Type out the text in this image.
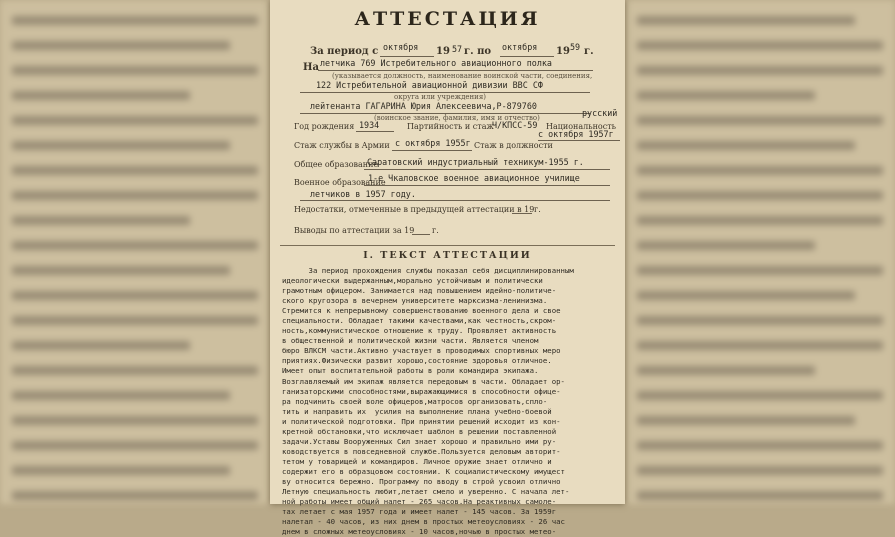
АТТЕСТАЦИЯ
За период с октября 19 57 г. по октября 19 59 г.
На летчика 769 Истребительного авиационного полка
(указывается должность, наименование воинской части, соединения,
122 Истребительной авиационной дивизии ВВС СФ
округа или учреждения)
лейтенанта ГАГАРИНА Юрия Алексеевича,Р-879760
(воинское звание, фамилия, имя и отчество)
Год рождения 1934	Партийность и стаж
Ч/КПСС-59 Национальность
русский
Стаж службы в Армии с октября 1955г Стаж в должности
с октября 1957г
Общее образование
Саратовский индустриальный техникум-1955 г.
Военное образование
1-е Чкаловское военное авиационное училище
летчиков в 1957 году.
Недостатки, отмеченные в предыдущей аттестации в 19 г.
Выводы по аттестации за 19 г.
I. ТЕКСТ АТТЕСТАЦИИ
За период прохождения службы показал себя дисциплинированным
идеологически выдержанным,морально устойчивым и политически
грамотным офицером. Занимается над повышением идейно-политиче-
ского кругозора в вечернем университете марксизма-ленинизма.
Стремится к непрерывному совершенствованию военного дела и свое
специальности. Обладает такими качествами,как честность,скром-
ность,коммунистическое отношение к труду. Проявляет активность
в общественной и политической жизни части. Является членом
бюро ВЛКСМ части.Активно участвует в проводимых спортивных меро
приятиях.Физически развит хорошо,состояние здоровья отличное.
Имеет опыт воспитательной работы в роли командира экипажа.
Возглавляемый им экипаж является передовым в части. Обладает ор-
ганизаторскими способностями,выражающимися в способности офице-
ра подчинить своей воле офицеров,матросов организовать,спло-
тить и направить их  усилия на выполнение плана учебно-боевой
и политической подготовки. При принятии решений исходит из кон-
кретной обстановки,что исключает шаблон в решении поставленной
задачи.Уставы Вооруженных Сил знает хорошо и правильно ими ру-
ководствуется в повседневной службе.Пользуется деловым авторит-
тетом у товарищей и командиров. Личное оружие знает отлично и
содержит его в образцовом состоянии. К социалистическому имущест
ву относится бережно. Программу по вводу в строй усвоил отлично
Летную специальность любит,летает смело и уверенно. С начала лет-
ной работы имеет общий налет - 265 часов.На реактивных самоле-
тах летает с мая 1957 года и имеет налет - 145 часов. За 1959г
налетал - 40 часов, из них днем в простых метеоусловиях - 26 час
днем в сложных метеоусловиях - 10 часов,ночью в простых метео-
